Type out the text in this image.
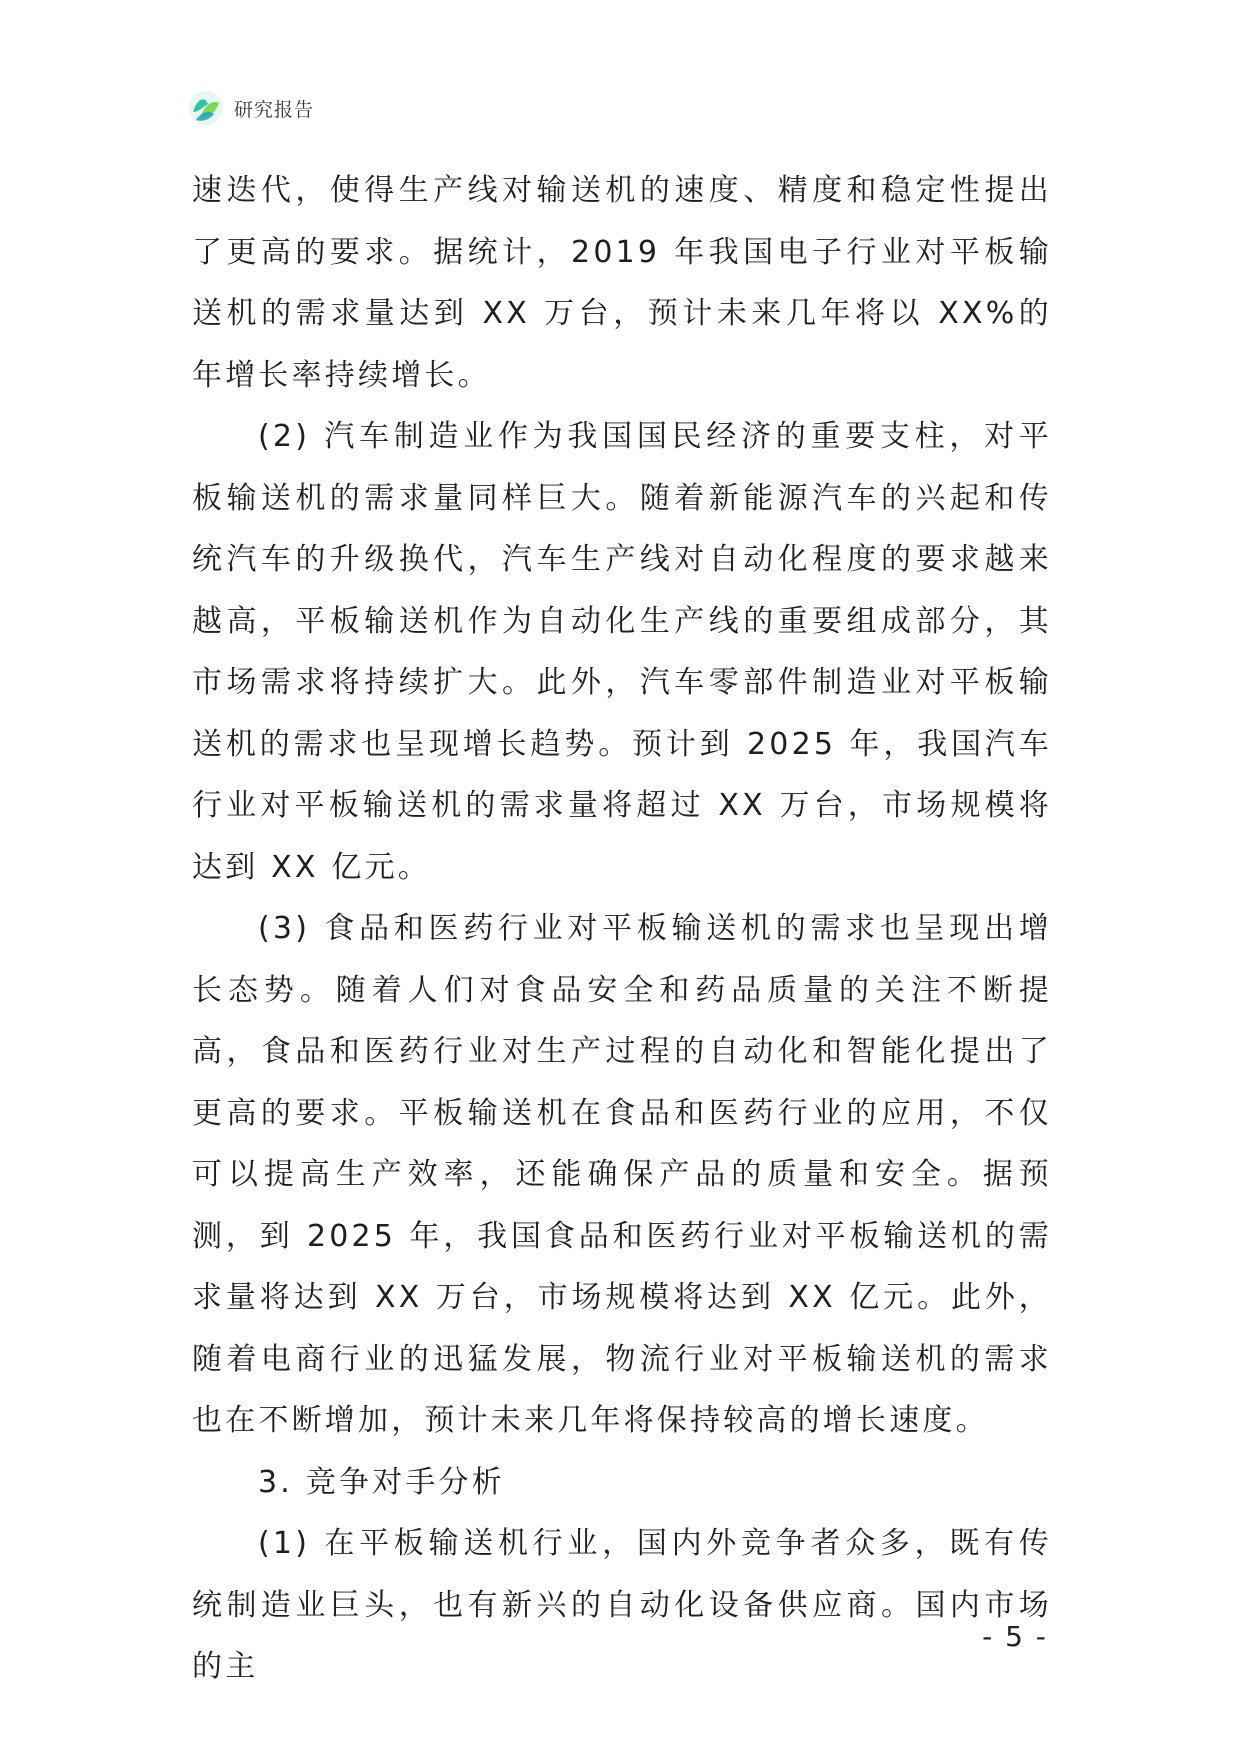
研究报告

速迭代，使得生产线对输送机的速度、精度和稳定性提出了更高的要求。据统计，2019 年我国电子行业对平板输送机的需求量达到 XX 万台，预计未来几年将以 XX%的年增长率持续增长。

(2) 汽车制造业作为我国国民经济的重要支柱，对平板输送机的需求量同样巨大。随着新能源汽车的兴起和传统汽车的升级换代，汽车生产线对自动化程度的要求越来越高，平板输送机作为自动化生产线的重要组成部分，其市场需求将持续扩大。此外，汽车零部件制造业对平板输送机的需求也呈现增长趋势。预计到 2025 年，我国汽车行业对平板输送机的需求量将超过 XX 万台，市场规模将达到 XX 亿元。

(3) 食品和医药行业对平板输送机的需求也呈现出增长态势。随着人们对食品安全和药品质量的关注不断提高，食品和医药行业对生产过程的自动化和智能化提出了更高的要求。平板输送机在食品和医药行业的应用，不仅可以提高生产效率，还能确保产品的质量和安全。据预测，到 2025 年，我国食品和医药行业对平板输送机的需求量将达到 XX 万台，市场规模将达到 XX 亿元。此外，随着电商行业的迅猛发展，物流行业对平板输送机的需求也在不断增加，预计未来几年将保持较高的增长速度。

3. 竞争对手分析

(1) 在平板输送机行业，国内外竞争者众多，既有传统制造业巨头，也有新兴的自动化设备供应商。国内市场的主

- 5 -
